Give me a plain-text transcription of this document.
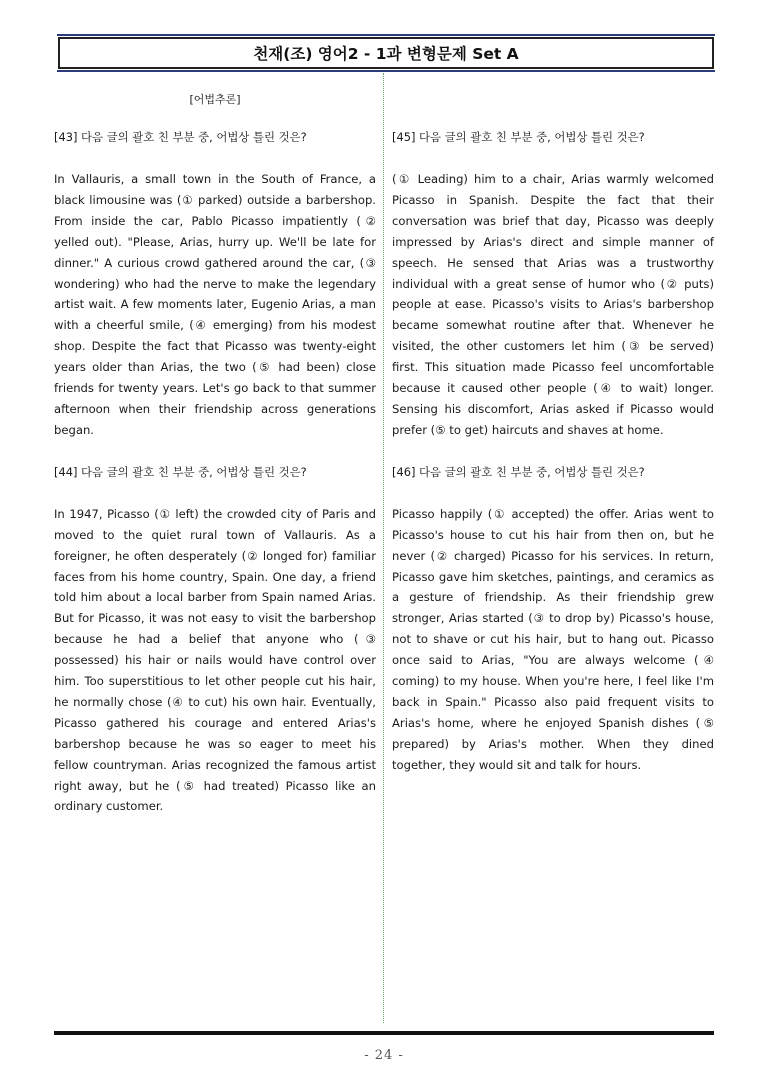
천재(조) 영어2 - 1과 변형문제 Set A
[어법추론]
[43] 다음 글의 괄호 친 부분 중, 어법상 틀린 것은?

In Vallauris, a small town in the South of France, a black limousine was (① parked) outside a barbershop. From inside the car, Pablo Picasso impatiently (② yelled out). "Please, Arias, hurry up. We'll be late for dinner." A curious crowd gathered around the car, (③ wondering) who had the nerve to make the legendary artist wait. A few moments later, Eugenio Arias, a man with a cheerful smile, (④ emerging) from his modest shop. Despite the fact that Picasso was twenty-eight years older than Arias, the two (⑤ had been) close friends for twenty years. Let's go back to that summer afternoon when their friendship across generations began.

[44] 다음 글의 괄호 친 부분 중, 어법상 틀린 것은?

In 1947, Picasso (① left) the crowded city of Paris and moved to the quiet rural town of Vallauris. As a foreigner, he often desperately (② longed for) familiar faces from his home country, Spain. One day, a friend told him about a local barber from Spain named Arias. But for Picasso, it was not easy to visit the barbershop because he had a belief that anyone who (③ possessed) his hair or nails would have control over him. Too superstitious to let other people cut his hair, he normally chose (④ to cut) his own hair. Eventually, Picasso gathered his courage and entered Arias's barbershop because he was so eager to meet his fellow countryman. Arias recognized the famous artist right away, but he (⑤ had treated) Picasso like an ordinary customer.

[45] 다음 글의 괄호 친 부분 중, 어법상 틀린 것은?

(① Leading) him to a chair, Arias warmly welcomed Picasso in Spanish. Despite the fact that their conversation was brief that day, Picasso was deeply impressed by Arias's direct and simple manner of speech. He sensed that Arias was a trustworthy individual with a great sense of humor who (② puts) people at ease. Picasso's visits to Arias's barbershop became somewhat routine after that. Whenever he visited, the other customers let him (③ be served) first. This situation made Picasso feel uncomfortable because it caused other people (④ to wait) longer. Sensing his discomfort, Arias asked if Picasso would prefer (⑤ to get) haircuts and shaves at home.

[46] 다음 글의 괄호 친 부분 중, 어법상 틀린 것은?

Picasso happily (① accepted) the offer. Arias went to Picasso's house to cut his hair from then on, but he never (② charged) Picasso for his services. In return, Picasso gave him sketches, paintings, and ceramics as a gesture of friendship. As their friendship grew stronger, Arias started (③ to drop by) Picasso's house, not to shave or cut his hair, but to hang out. Picasso once said to Arias, "You are always welcome (④ coming) to my house. When you're here, I feel like I'm back in Spain." Picasso also paid frequent visits to Arias's home, where he enjoyed Spanish dishes (⑤ prepared) by Arias's mother. When they dined together, they would sit and talk for hours.

- 24 -
